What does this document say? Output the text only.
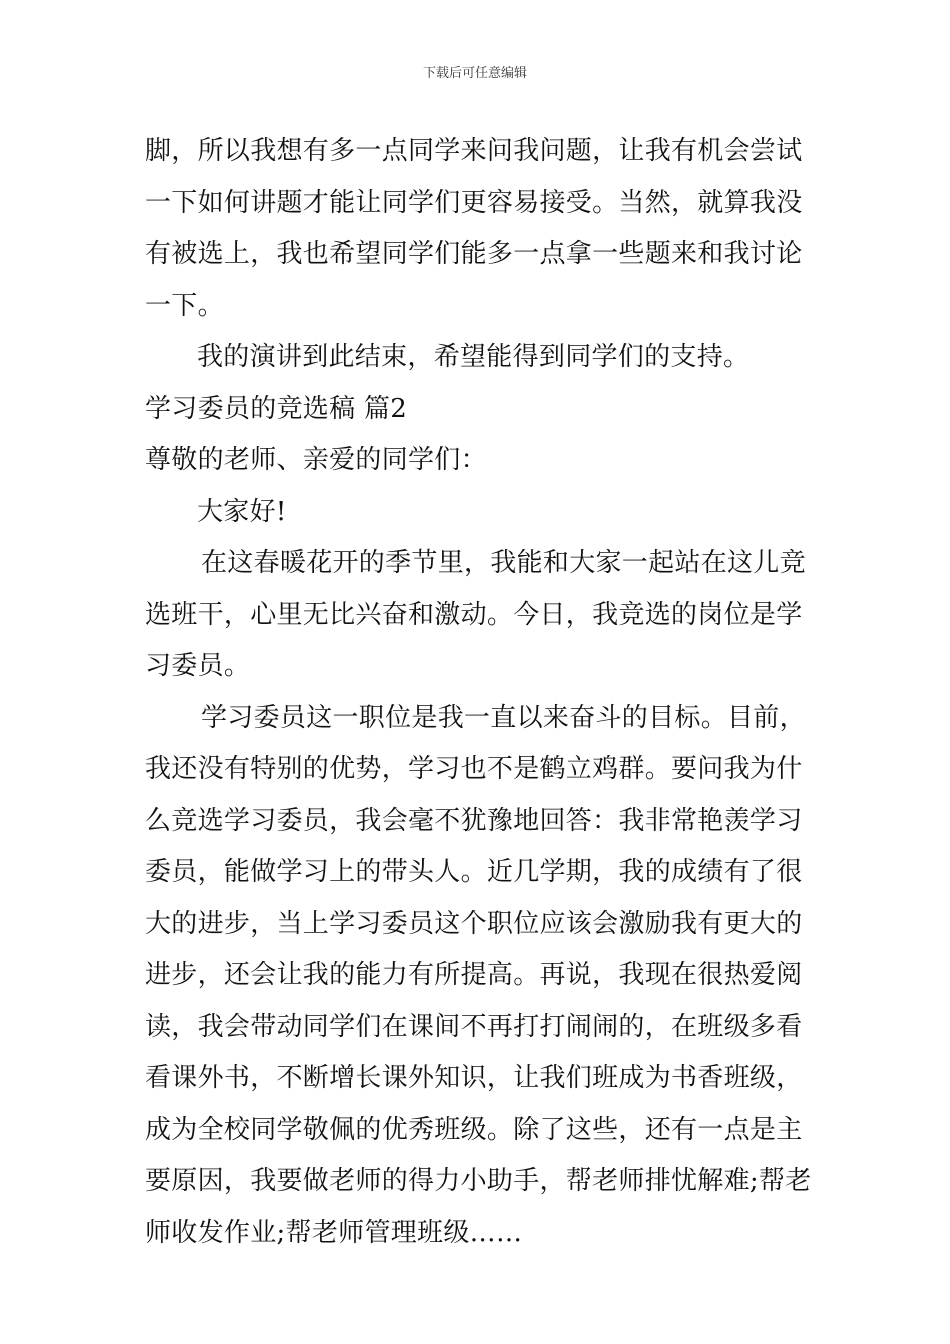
下载后可任意编辑
脚，所以我想有多一点同学来问我问题，让我有机会尝试
一下如何讲题才能让同学们更容易接受。当然，就算我没
有被选上，我也希望同学们能多一点拿一些题来和我讨论
一下。
我的演讲到此结束，希望能得到同学们的支持。
学习委员的竞选稿 篇2
尊敬的老师、亲爱的同学们：
大家好!
在这春暖花开的季节里，我能和大家一起站在这儿竞
选班干，心里无比兴奋和激动。今日，我竞选的岗位是学
习委员。
学习委员这一职位是我一直以来奋斗的目标。目前，
我还没有特别的优势，学习也不是鹤立鸡群。要问我为什
么竞选学习委员，我会毫不犹豫地回答：我非常艳羡学习
委员，能做学习上的带头人。近几学期，我的成绩有了很
大的进步，当上学习委员这个职位应该会激励我有更大的
进步，还会让我的能力有所提高。再说，我现在很热爱阅
读，我会带动同学们在课间不再打打闹闹的，在班级多看
看课外书，不断增长课外知识，让我们班成为书香班级，
成为全校同学敬佩的优秀班级。除了这些，还有一点是主
要原因，我要做老师的得力小助手，帮老师排忧解难;帮老
师收发作业;帮老师管理班级……
